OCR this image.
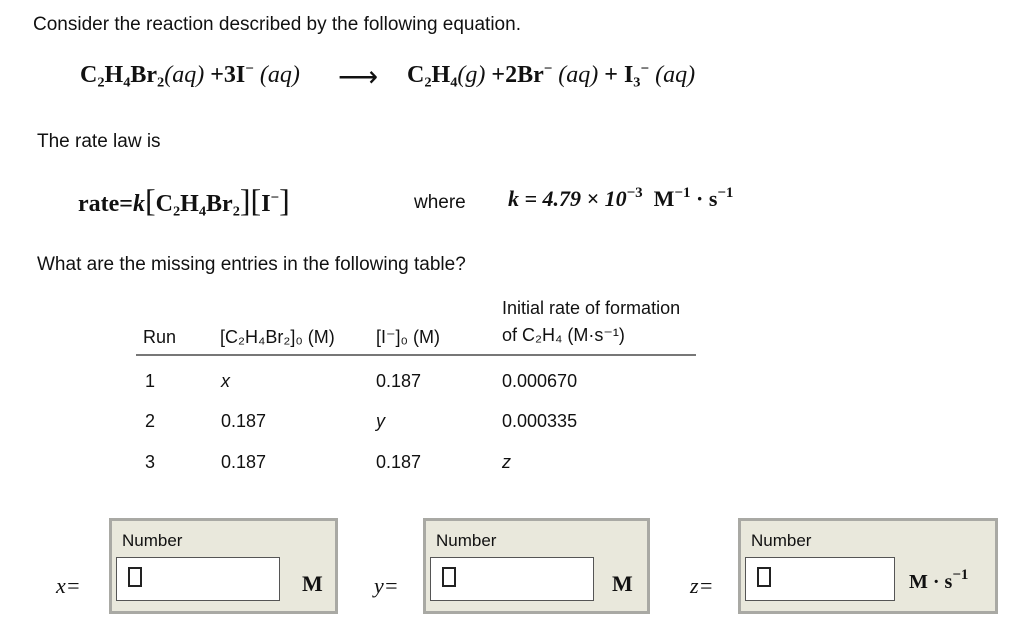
Consider the reaction described by the following equation.
C₂H₄Br₂(aq) +3I− (aq) ⟶ C₂H₄(g) +2Br− (aq) + I₃− (aq)
The rate law is
rate=k[C₂H₄Br₂][I−]	where $k = 4.79 \times 10^{-3}$ $M^{-1} \cdot s^{-1}$
What are the missing entries in the following table?
Initial rate of formation
of C₂H₄ (M·s⁻¹)
Run [C₂H₄Br₂]₀ (M) [I⁻]₀ (M)
1	x	0.187	0.000670
2	0.187	y	0.000335
3	0.187	0.187	z
x=
Number
M y=
Number
M	z=
Number
$M \cdot s^{-1}$
